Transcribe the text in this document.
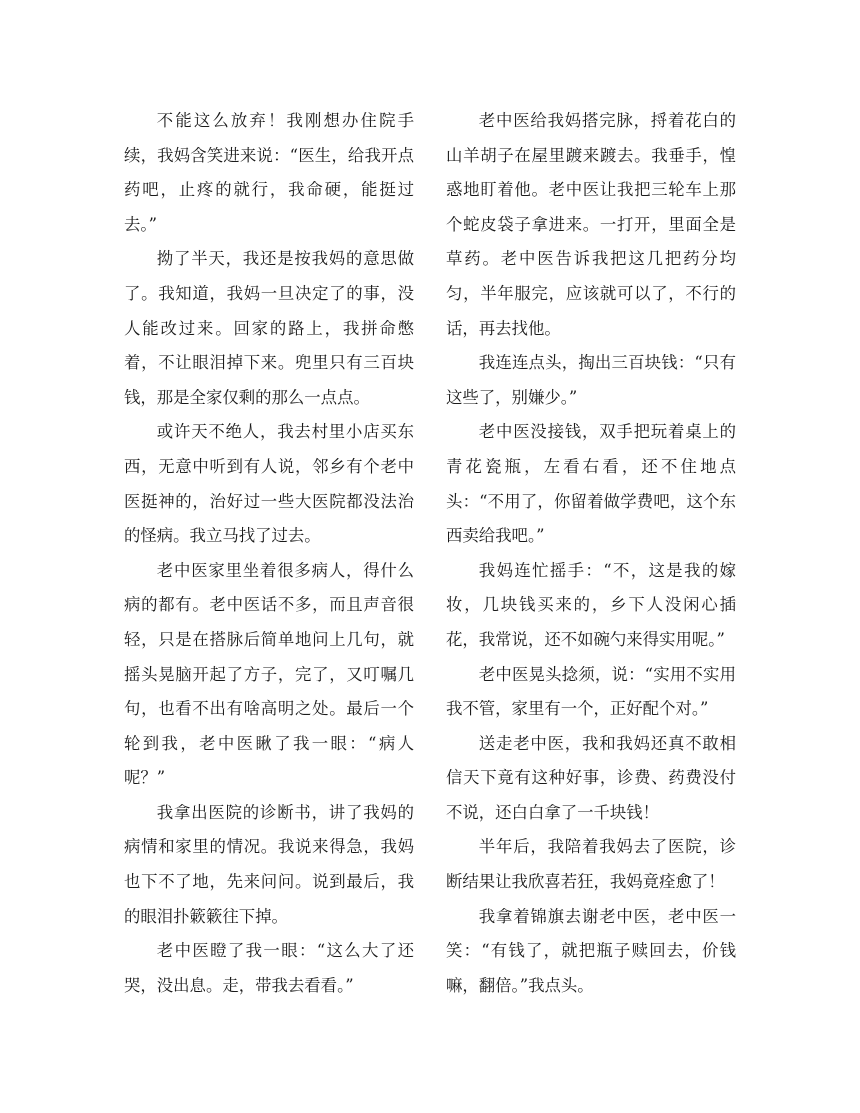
不能这么放弃！我刚想办住院手续，我妈含笑进来说：“医生，给我开点药吧，止疼的就行，我命硬，能挺过去。”

拗了半天，我还是按我妈的意思做了。我知道，我妈一旦决定了的事，没人能改过来。回家的路上，我拼命憋着，不让眼泪掉下来。兜里只有三百块钱，那是全家仅剩的那么一点点。

或许天不绝人，我去村里小店买东西，无意中听到有人说，邻乡有个老中医挺神的，治好过一些大医院都没法治的怪病。我立马找了过去。

老中医家里坐着很多病人，得什么病的都有。老中医话不多，而且声音很轻，只是在搭脉后简单地问上几句，就摇头晃脑开起了方子，完了，又叮嘱几句，也看不出有啥高明之处。最后一个轮到我，老中医瞅了我一眼：“病人呢？”

我拿出医院的诊断书，讲了我妈的病情和家里的情况。我说来得急，我妈也下不了地，先来问问。说到最后，我的眼泪扑簌簌往下掉。

老中医瞪了我一眼：“这么大了还哭，没出息。走，带我去看看。”

老中医给我妈搭完脉，捋着花白的山羊胡子在屋里踱来踱去。我垂手，惶惑地盯着他。老中医让我把三轮车上那个蛇皮袋子拿进来。一打开，里面全是草药。老中医告诉我把这几把药分均匀，半年服完，应该就可以了，不行的话，再去找他。

我连连点头，掏出三百块钱：“只有这些了，别嫌少。”

老中医没接钱，双手把玩着桌上的青花瓷瓶，左看右看，还不住地点头：“不用了，你留着做学费吧，这个东西卖给我吧。”

我妈连忙摇手：“不，这是我的嫁妆，几块钱买来的，乡下人没闲心插花，我常说，还不如碗勺来得实用呢。”

老中医晃头捻须，说：“实用不实用我不管，家里有一个，正好配个对。”

送走老中医，我和我妈还真不敢相信天下竟有这种好事，诊费、药费没付不说，还白白拿了一千块钱！

半年后，我陪着我妈去了医院，诊断结果让我欣喜若狂，我妈竟痊愈了！

我拿着锦旗去谢老中医，老中医一笑：“有钱了，就把瓶子赎回去，价钱嘛，翻倍。”我点头。
